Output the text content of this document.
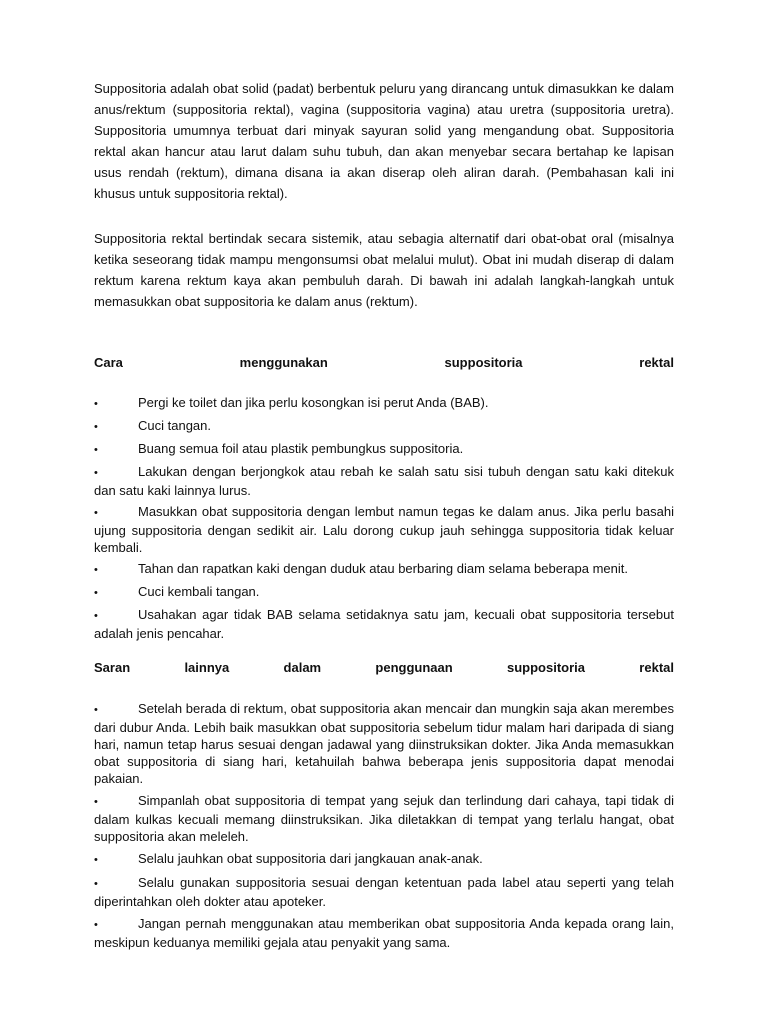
Suppositoria adalah obat solid (padat) berbentuk peluru yang dirancang untuk dimasukkan ke dalam anus/rektum (suppositoria rektal), vagina (suppositoria vagina) atau uretra (suppositoria uretra). Suppositoria umumnya terbuat dari minyak sayuran solid yang mengandung obat. Suppositoria rektal akan hancur atau larut dalam suhu tubuh, dan akan menyebar secara bertahap ke lapisan usus rendah (rektum), dimana disana ia akan diserap oleh aliran darah. (Pembahasan kali ini khusus untuk suppositoria rektal).

Suppositoria rektal bertindak secara sistemik, atau sebagia alternatif dari obat-obat oral (misalnya ketika seseorang tidak mampu mengonsumsi obat melalui mulut). Obat ini mudah diserap di dalam rektum karena rektum kaya akan pembuluh darah. Di bawah ini adalah langkah-langkah untuk memasukkan obat suppositoria ke dalam anus (rektum).

Cara	menggunakan	suppositoria	rektal
•	Pergi ke toilet dan jika perlu kosongkan isi perut Anda (BAB).
•	Cuci tangan.
•	Buang semua foil atau plastik pembungkus suppositoria.
•	Lakukan dengan berjongkok atau rebah ke salah satu sisi tubuh dengan satu kaki ditekuk dan satu kaki lainnya lurus.
•	Masukkan obat suppositoria dengan lembut namun tegas ke dalam anus. Jika perlu basahi ujung suppositoria dengan sedikit air. Lalu dorong cukup jauh sehingga suppositoria tidak keluar kembali.
•	Tahan dan rapatkan kaki dengan duduk atau berbaring diam selama beberapa menit.
•	Cuci kembali tangan.
•	Usahakan agar tidak BAB selama setidaknya satu jam, kecuali obat suppositoria tersebut adalah jenis pencahar.
Saran	lainnya	dalam	penggunaan	suppositoria	rektal
•	Setelah berada di rektum, obat suppositoria akan mencair dan mungkin saja akan merembes dari dubur Anda. Lebih baik masukkan obat suppositoria sebelum tidur malam hari daripada di siang hari, namun tetap harus sesuai dengan jadawal yang diinstruksikan dokter. Jika Anda memasukkan obat suppositoria di siang hari, ketahuilah bahwa beberapa jenis suppositoria dapat menodai pakaian.
•	Simpanlah obat suppositoria di tempat yang sejuk dan terlindung dari cahaya, tapi tidak di dalam kulkas kecuali memang diinstruksikan. Jika diletakkan di tempat yang terlalu hangat, obat suppositoria akan meleleh.
•	Selalu jauhkan obat suppositoria dari jangkauan anak-anak.
•	Selalu gunakan suppositoria sesuai dengan ketentuan pada label atau seperti yang telah diperintahkan oleh dokter atau apoteker.
•	Jangan pernah menggunakan atau memberikan obat suppositoria Anda kepada orang lain, meskipun keduanya memiliki gejala atau penyakit yang sama.
